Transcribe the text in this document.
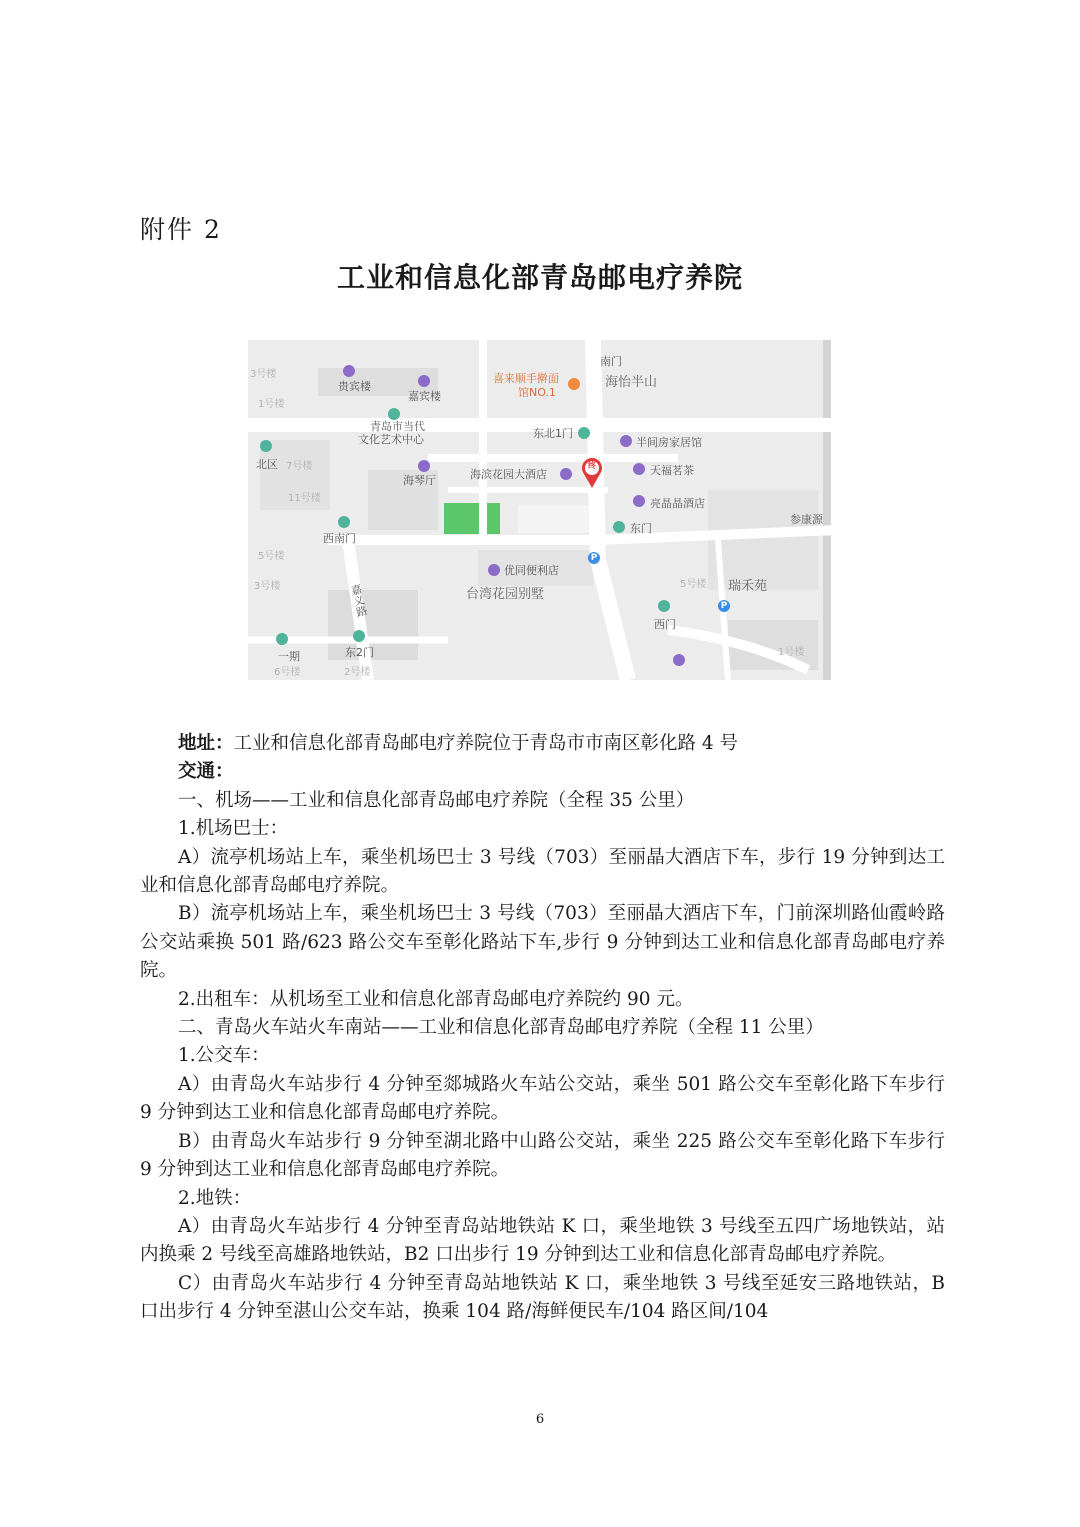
附件 2
工业和信息化部青岛邮电疗养院
贵宾楼
嘉宾楼
喜来顺手擀面
馆NO.1
南门
海怡半山
3号楼
1号楼
青岛市当代
文化艺术中心	东北1门
半间房家居馆
北区 7号楼
海琴厅	海滨花园大酒店	天福茗茶
11号楼	亮晶晶酒店
参康源
西南门
东门
P
优同便利店
5号楼
3号楼	嘉义路	台湾花园别墅
5号楼 瑞禾苑
P
西门
一期	东2门
6号楼	2号楼
1号楼
终

地址：工业和信息化部青岛邮电疗养院位于青岛市市南区彰化路 4 号

交通：

一、机场——工业和信息化部青岛邮电疗养院（全程 35 公里）

1.机场巴士：

A）流亭机场站上车，乘坐机场巴士 3 号线（703）至丽晶大酒店下车，步行 19 分钟到达工业和信息化部青岛邮电疗养院。

B）流亭机场站上车，乘坐机场巴士 3 号线（703）至丽晶大酒店下车，门前深圳路仙霞岭路公交站乘换 501 路/623 路公交车至彰化路站下车,步行 9 分钟到达工业和信息化部青岛邮电疗养院。

2.出租车：从机场至工业和信息化部青岛邮电疗养院约 90 元。

二、青岛火车站火车南站——工业和信息化部青岛邮电疗养院（全程 11 公里）

1.公交车：

A）由青岛火车站步行 4 分钟至郯城路火车站公交站，乘坐 501 路公交车至彰化路下车步行 9 分钟到达工业和信息化部青岛邮电疗养院。

B）由青岛火车站步行 9 分钟至湖北路中山路公交站，乘坐 225 路公交车至彰化路下车步行 9 分钟到达工业和信息化部青岛邮电疗养院。

2.地铁：

A）由青岛火车站步行 4 分钟至青岛站地铁站 K 口，乘坐地铁 3 号线至五四广场地铁站，站内换乘 2 号线至高雄路地铁站，B2 口出步行 19 分钟到达工业和信息化部青岛邮电疗养院。

C）由青岛火车站步行 4 分钟至青岛站地铁站 K 口，乘坐地铁 3 号线至延安三路地铁站，B 口出步行 4 分钟至湛山公交车站，换乘 104 路/海鲜便民车/104 路区间/104

6
